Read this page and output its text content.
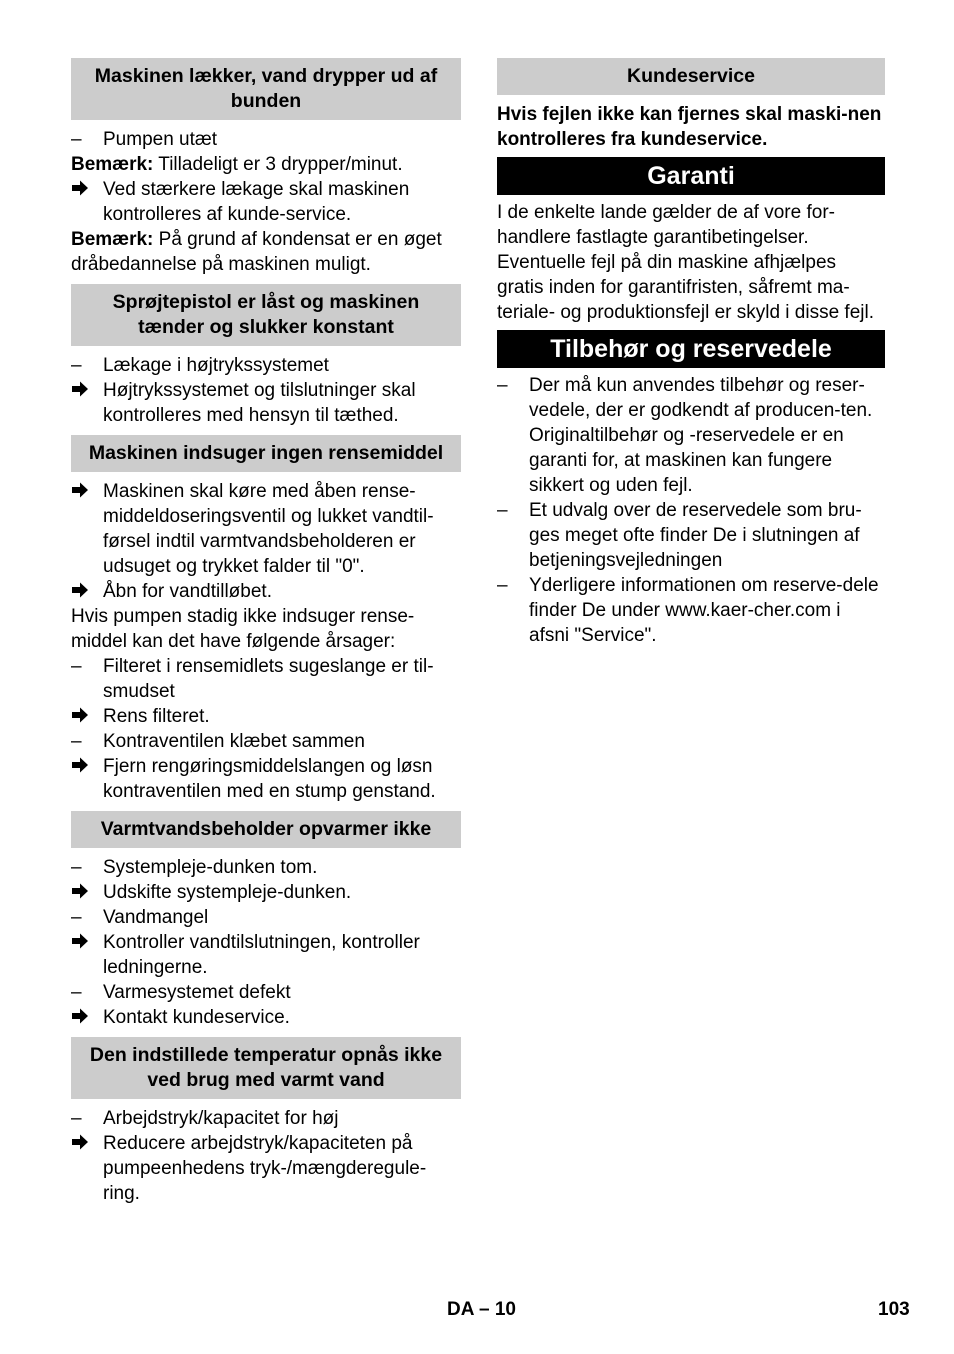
Maskinen lækker, vand drypper ud af bunden
–	Pumpen utæt
Bemærk: Tilladeligt er 3 drypper/minut.
Ved stærkere lækage skal maskinen kontrolleres af kunde-service.
Bemærk: På grund af kondensat er en øget dråbedannelse på maskinen muligt.
Sprøjtepistol er låst og maskinen tænder og slukker konstant
–	Lækage i højtrykssystemet
Højtrykssystemet og tilslutninger skal kontrolleres med hensyn til tæthed.
Maskinen indsuger ingen rensemiddel
Maskinen skal køre med åben rense-middeldoseringsventil og lukket vandtil-førsel indtil varmtvandsbeholderen er udsuget og trykket falder til "0".
Åbn for vandtilløbet.
Hvis pumpen stadig ikke indsuger rense-middel kan det have følgende årsager:
–	Filteret i rensemidlets sugeslange er til-smudset
Rens filteret.
–	Kontraventilen klæbet sammen
Fjern rengøringsmiddelslangen og løsn kontraventilen med en stump genstand.
Varmtvandsbeholder opvarmer ikke
–	Systempleje-dunken tom.
Udskifte systempleje-dunken.
–	Vandmangel
Kontroller vandtilslutningen, kontroller ledningerne.
–	Varmesystemet defekt
Kontakt kundeservice.
Den indstillede temperatur opnås ikke ved brug med varmt vand
–	Arbejdstryk/kapacitet for høj
Reducere arbejdstryk/kapaciteten på pumpeenhedens tryk-/mængderegule-ring.
Kundeservice
Hvis fejlen ikke kan fjernes skal maski-nen kontrolleres fra kundeservice.
Garanti
I de enkelte lande gælder de af vore for-handlere fastlagte garantibetingelser. Eventuelle fejl på din maskine afhjælpes gratis inden for garantifristen, såfremt ma-teriale- og produktionsfejl er skyld i disse fejl.
Tilbehør og reservedele
–	Der må kun anvendes tilbehør og reser-vedele, der er godkendt af producen-ten. Originaltilbehør og -reservedele er en garanti for, at maskinen kan fungere sikkert og uden fejl.
–	Et udvalg over de reservedele som bru-ges meget ofte finder De i slutningen af betjeningsvejledningen
–	Yderligere informationen om reserve-dele finder De under www.kaer-cher.com i afsni "Service".
DA – 10	103
